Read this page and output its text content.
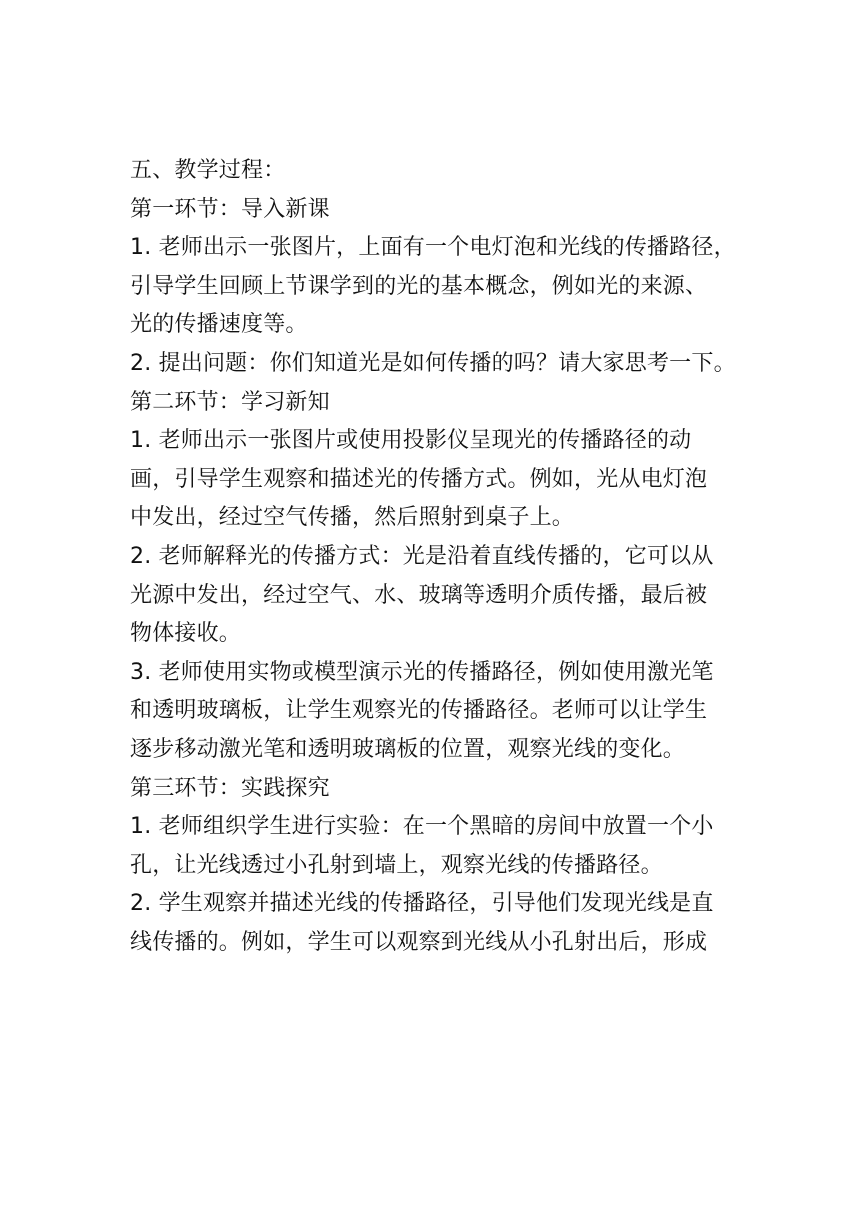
五、教学过程：
第一环节：导入新课
1. 老师出示一张图片，上面有一个电灯泡和光线的传播路径，
引导学生回顾上节课学到的光的基本概念，例如光的来源、
光的传播速度等。
2. 提出问题：你们知道光是如何传播的吗？请大家思考一下。
第二环节：学习新知
1. 老师出示一张图片或使用投影仪呈现光的传播路径的动
画，引导学生观察和描述光的传播方式。例如，光从电灯泡
中发出，经过空气传播，然后照射到桌子上。
2. 老师解释光的传播方式：光是沿着直线传播的，它可以从
光源中发出，经过空气、水、玻璃等透明介质传播，最后被
物体接收。
3. 老师使用实物或模型演示光的传播路径，例如使用激光笔
和透明玻璃板，让学生观察光的传播路径。老师可以让学生
逐步移动激光笔和透明玻璃板的位置，观察光线的变化。
第三环节：实践探究
1. 老师组织学生进行实验：在一个黑暗的房间中放置一个小
孔，让光线透过小孔射到墙上，观察光线的传播路径。
2. 学生观察并描述光线的传播路径，引导他们发现光线是直
线传播的。例如，学生可以观察到光线从小孔射出后，形成
